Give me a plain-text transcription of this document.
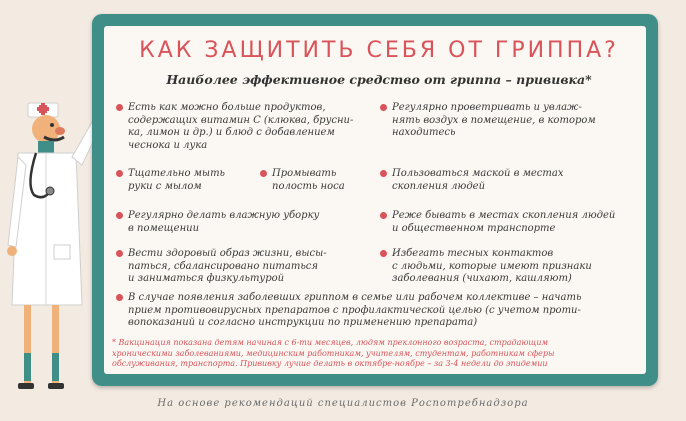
КАК ЗАЩИТИТЬ СЕБЯ ОТ ГРИППА?
Наиболее эффективное средство от гриппа – прививка*
Есть как можно больше продуктов,
содержащих витамин С (клюква, брусни-
ка, лимон и др.) и блюд с добавлением
чеснока и лука
Тщательно мыть
руки с мылом
Промывать
полость носа
Регулярно делать влажную уборку
в помещении
Вести здоровый образ жизни, высы-
паться, сбалансировано питаться
и заниматься физкультурой
Регулярно проветривать и увлаж-
нять воздух в помещение, в котором
находитесь
Пользоваться маской в местах
скопления людей
Реже бывать в местах скопления людей
и общественном транспорте
Избегать тесных контактов
с людьми, которые имеют признаки
заболевания (чихают, кашляют)
В случае появления заболевших гриппом в семье или рабочем коллективе – начать
прием противовирусных препаратов с профилактической целью (с учетом проти-
вопоказаний и согласно инструкции по применению препарата)
* Вакцинация показана детям начиная с 6-ти месяцев, людям преклонного возраста, страдающим
хроническими заболеваниями, медицинским работникам, учителям, студентам, работникам сферы
обслуживания, транспорта. Прививку лучше делать в октябре-ноябре – за 3-4 недели до эпидемии
На основе рекомендаций специалистов Роспотребнадзора
